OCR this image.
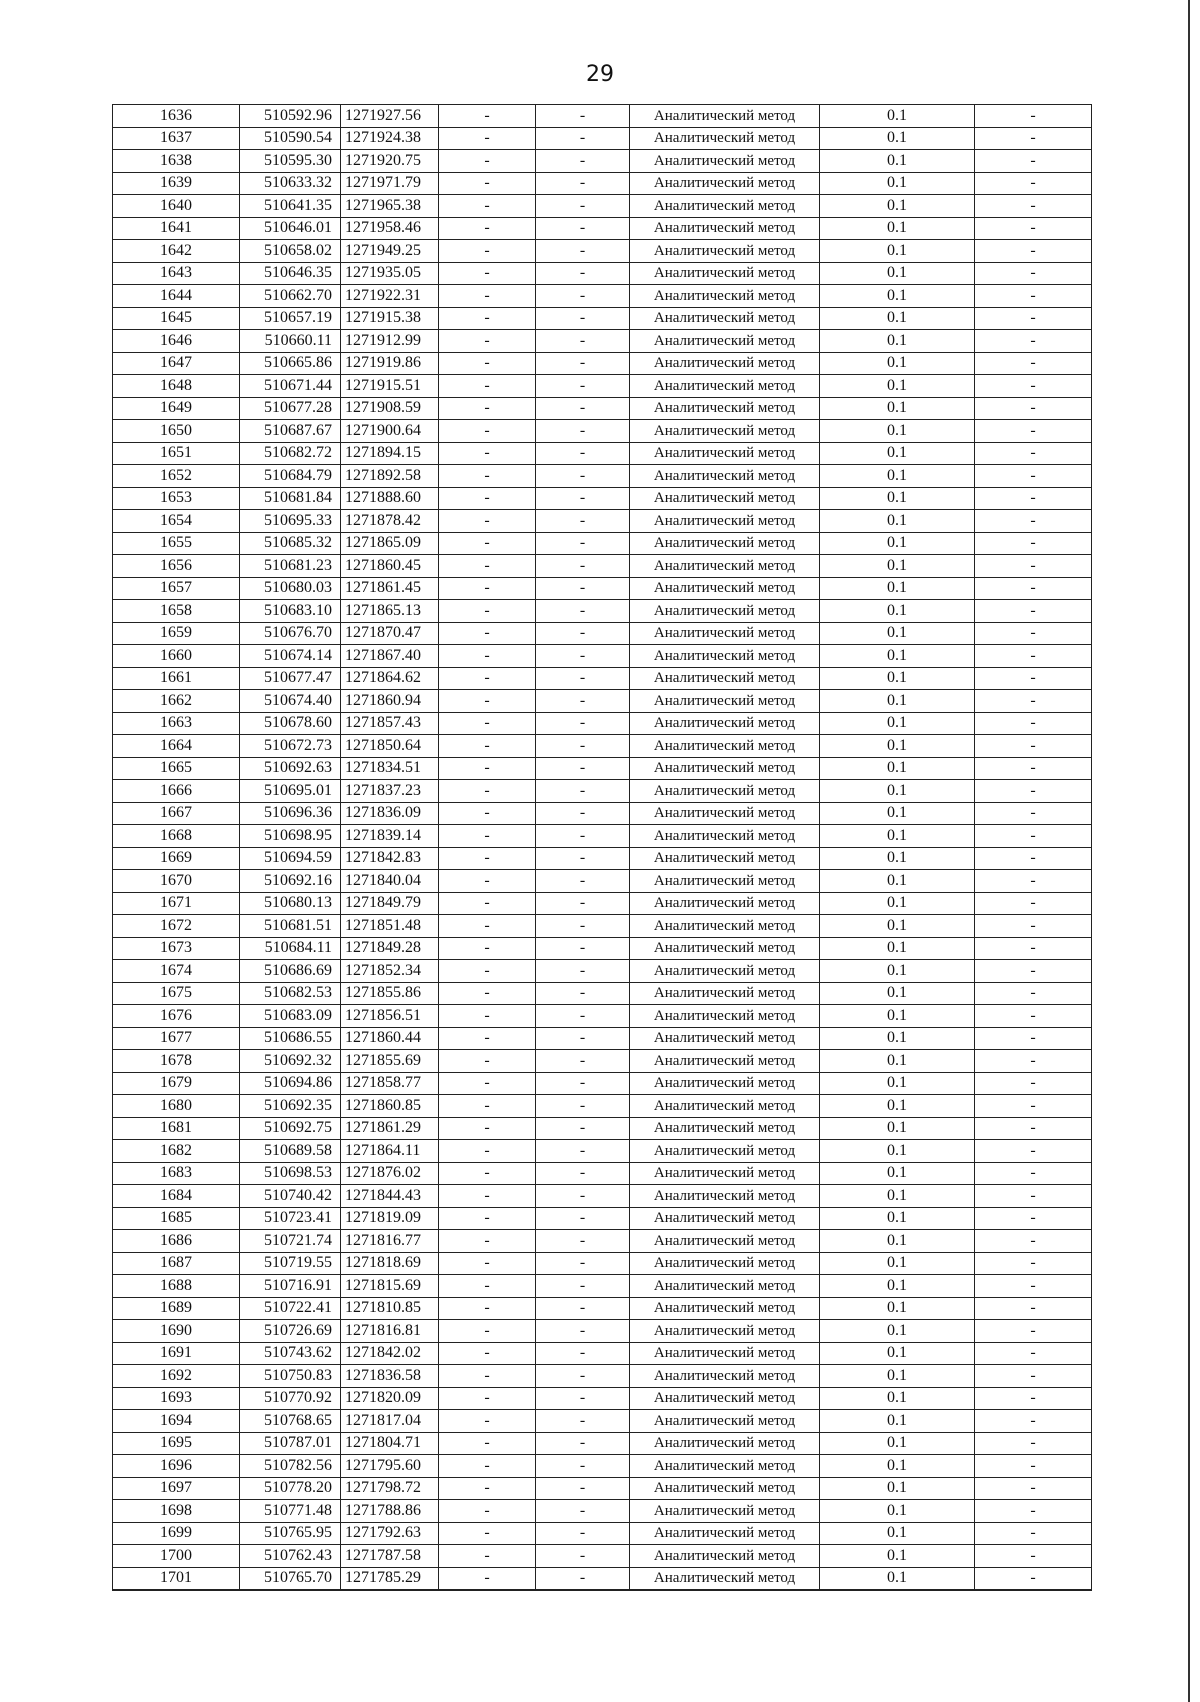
29
1636	510592.96	1271927.56	-	-	Аналитический метод	0.1	-
1637	510590.54	1271924.38	-	-	Аналитический метод	0.1	-
1638	510595.30	1271920.75	-	-	Аналитический метод	0.1	-
1639	510633.32	1271971.79	-	-	Аналитический метод	0.1	-
1640	510641.35	1271965.38	-	-	Аналитический метод	0.1	-
1641	510646.01	1271958.46	-	-	Аналитический метод	0.1	-
1642	510658.02	1271949.25	-	-	Аналитический метод	0.1	-
1643	510646.35	1271935.05	-	-	Аналитический метод	0.1	-
1644	510662.70	1271922.31	-	-	Аналитический метод	0.1	-
1645	510657.19	1271915.38	-	-	Аналитический метод	0.1	-
1646	510660.11	1271912.99	-	-	Аналитический метод	0.1	-
1647	510665.86	1271919.86	-	-	Аналитический метод	0.1	-
1648	510671.44	1271915.51	-	-	Аналитический метод	0.1	-
1649	510677.28	1271908.59	-	-	Аналитический метод	0.1	-
1650	510687.67	1271900.64	-	-	Аналитический метод	0.1	-
1651	510682.72	1271894.15	-	-	Аналитический метод	0.1	-
1652	510684.79	1271892.58	-	-	Аналитический метод	0.1	-
1653	510681.84	1271888.60	-	-	Аналитический метод	0.1	-
1654	510695.33	1271878.42	-	-	Аналитический метод	0.1	-
1655	510685.32	1271865.09	-	-	Аналитический метод	0.1	-
1656	510681.23	1271860.45	-	-	Аналитический метод	0.1	-
1657	510680.03	1271861.45	-	-	Аналитический метод	0.1	-
1658	510683.10	1271865.13	-	-	Аналитический метод	0.1	-
1659	510676.70	1271870.47	-	-	Аналитический метод	0.1	-
1660	510674.14	1271867.40	-	-	Аналитический метод	0.1	-
1661	510677.47	1271864.62	-	-	Аналитический метод	0.1	-
1662	510674.40	1271860.94	-	-	Аналитический метод	0.1	-
1663	510678.60	1271857.43	-	-	Аналитический метод	0.1	-
1664	510672.73	1271850.64	-	-	Аналитический метод	0.1	-
1665	510692.63	1271834.51	-	-	Аналитический метод	0.1	-
1666	510695.01	1271837.23	-	-	Аналитический метод	0.1	-
1667	510696.36	1271836.09	-	-	Аналитический метод	0.1	-
1668	510698.95	1271839.14	-	-	Аналитический метод	0.1	-
1669	510694.59	1271842.83	-	-	Аналитический метод	0.1	-
1670	510692.16	1271840.04	-	-	Аналитический метод	0.1	-
1671	510680.13	1271849.79	-	-	Аналитический метод	0.1	-
1672	510681.51	1271851.48	-	-	Аналитический метод	0.1	-
1673	510684.11	1271849.28	-	-	Аналитический метод	0.1	-
1674	510686.69	1271852.34	-	-	Аналитический метод	0.1	-
1675	510682.53	1271855.86	-	-	Аналитический метод	0.1	-
1676	510683.09	1271856.51	-	-	Аналитический метод	0.1	-
1677	510686.55	1271860.44	-	-	Аналитический метод	0.1	-
1678	510692.32	1271855.69	-	-	Аналитический метод	0.1	-
1679	510694.86	1271858.77	-	-	Аналитический метод	0.1	-
1680	510692.35	1271860.85	-	-	Аналитический метод	0.1	-
1681	510692.75	1271861.29	-	-	Аналитический метод	0.1	-
1682	510689.58	1271864.11	-	-	Аналитический метод	0.1	-
1683	510698.53	1271876.02	-	-	Аналитический метод	0.1	-
1684	510740.42	1271844.43	-	-	Аналитический метод	0.1	-
1685	510723.41	1271819.09	-	-	Аналитический метод	0.1	-
1686	510721.74	1271816.77	-	-	Аналитический метод	0.1	-
1687	510719.55	1271818.69	-	-	Аналитический метод	0.1	-
1688	510716.91	1271815.69	-	-	Аналитический метод	0.1	-
1689	510722.41	1271810.85	-	-	Аналитический метод	0.1	-
1690	510726.69	1271816.81	-	-	Аналитический метод	0.1	-
1691	510743.62	1271842.02	-	-	Аналитический метод	0.1	-
1692	510750.83	1271836.58	-	-	Аналитический метод	0.1	-
1693	510770.92	1271820.09	-	-	Аналитический метод	0.1	-
1694	510768.65	1271817.04	-	-	Аналитический метод	0.1	-
1695	510787.01	1271804.71	-	-	Аналитический метод	0.1	-
1696	510782.56	1271795.60	-	-	Аналитический метод	0.1	-
1697	510778.20	1271798.72	-	-	Аналитический метод	0.1	-
1698	510771.48	1271788.86	-	-	Аналитический метод	0.1	-
1699	510765.95	1271792.63	-	-	Аналитический метод	0.1	-
1700	510762.43	1271787.58	-	-	Аналитический метод	0.1	-
1701	510765.70	1271785.29	-	-	Аналитический метод	0.1	-
